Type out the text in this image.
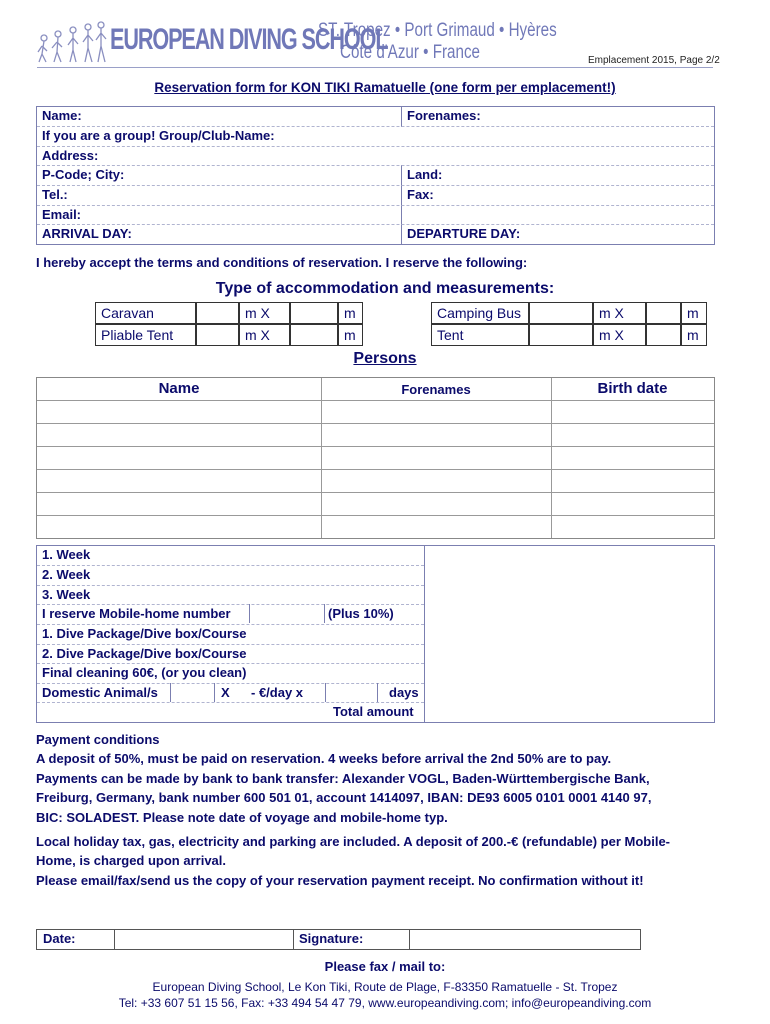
EUROPEAN DIVING SCHOOL
ST. Tropez • Port Grimaud • Hyères
Côte d'Azur • France	Emplacement 2015, Page 2/2
Reservation form for KON TIKI Ramatuelle (one form per emplacement!)
Name:	Forenames:
If you are a group! Group/Club-Name:
Address:
P-Code; City:	Land:
Tel.:	Fax:
Email:
ARRIVAL DAY:	DEPARTURE DAY:
I hereby accept the terms and conditions of reservation. I reserve the following:
Type of accommodation and measurements:
Caravan	m X	m
Pliable Tent	m X	m
Camping Bus	m X	m
Tent	m X	m
Persons
Name	Forenames	Birth date
1. Week
2. Week
3. Week
I reserve Mobile-home number	(Plus 10%)
1. Dive Package/Dive box/Course
2. Dive Package/Dive box/Course
Final cleaning 60€, (or you clean)
Domestic Animal/s	X - €/day x	days
Total amount
Payment conditions
A deposit of 50%, must be paid on reservation. 4 weeks before arrival the 2nd 50% are to pay.
Payments can be made by bank to bank transfer: Alexander VOGL, Baden-Württembergische Bank,
Freiburg, Germany, bank number 600 501 01, account 1414097, IBAN: DE93 6005 0101 0001 4140 97,
BIC: SOLADEST. Please note date of voyage and mobile-home typ.
Local holiday tax, gas, electricity and parking are included. A deposit of 200.-€ (refundable) per Mobile-
Home, is charged upon arrival.
Please email/fax/send us the copy of your reservation payment receipt. No confirmation without it!
Date:	Signature:
Please fax / mail to:
European Diving School, Le Kon Tiki, Route de Plage, F-83350 Ramatuelle - St. Tropez
Tel: +33 607 51 15 56, Fax: +33 494 54 47 79, www.europeandiving.com; info@europeandiving.com
